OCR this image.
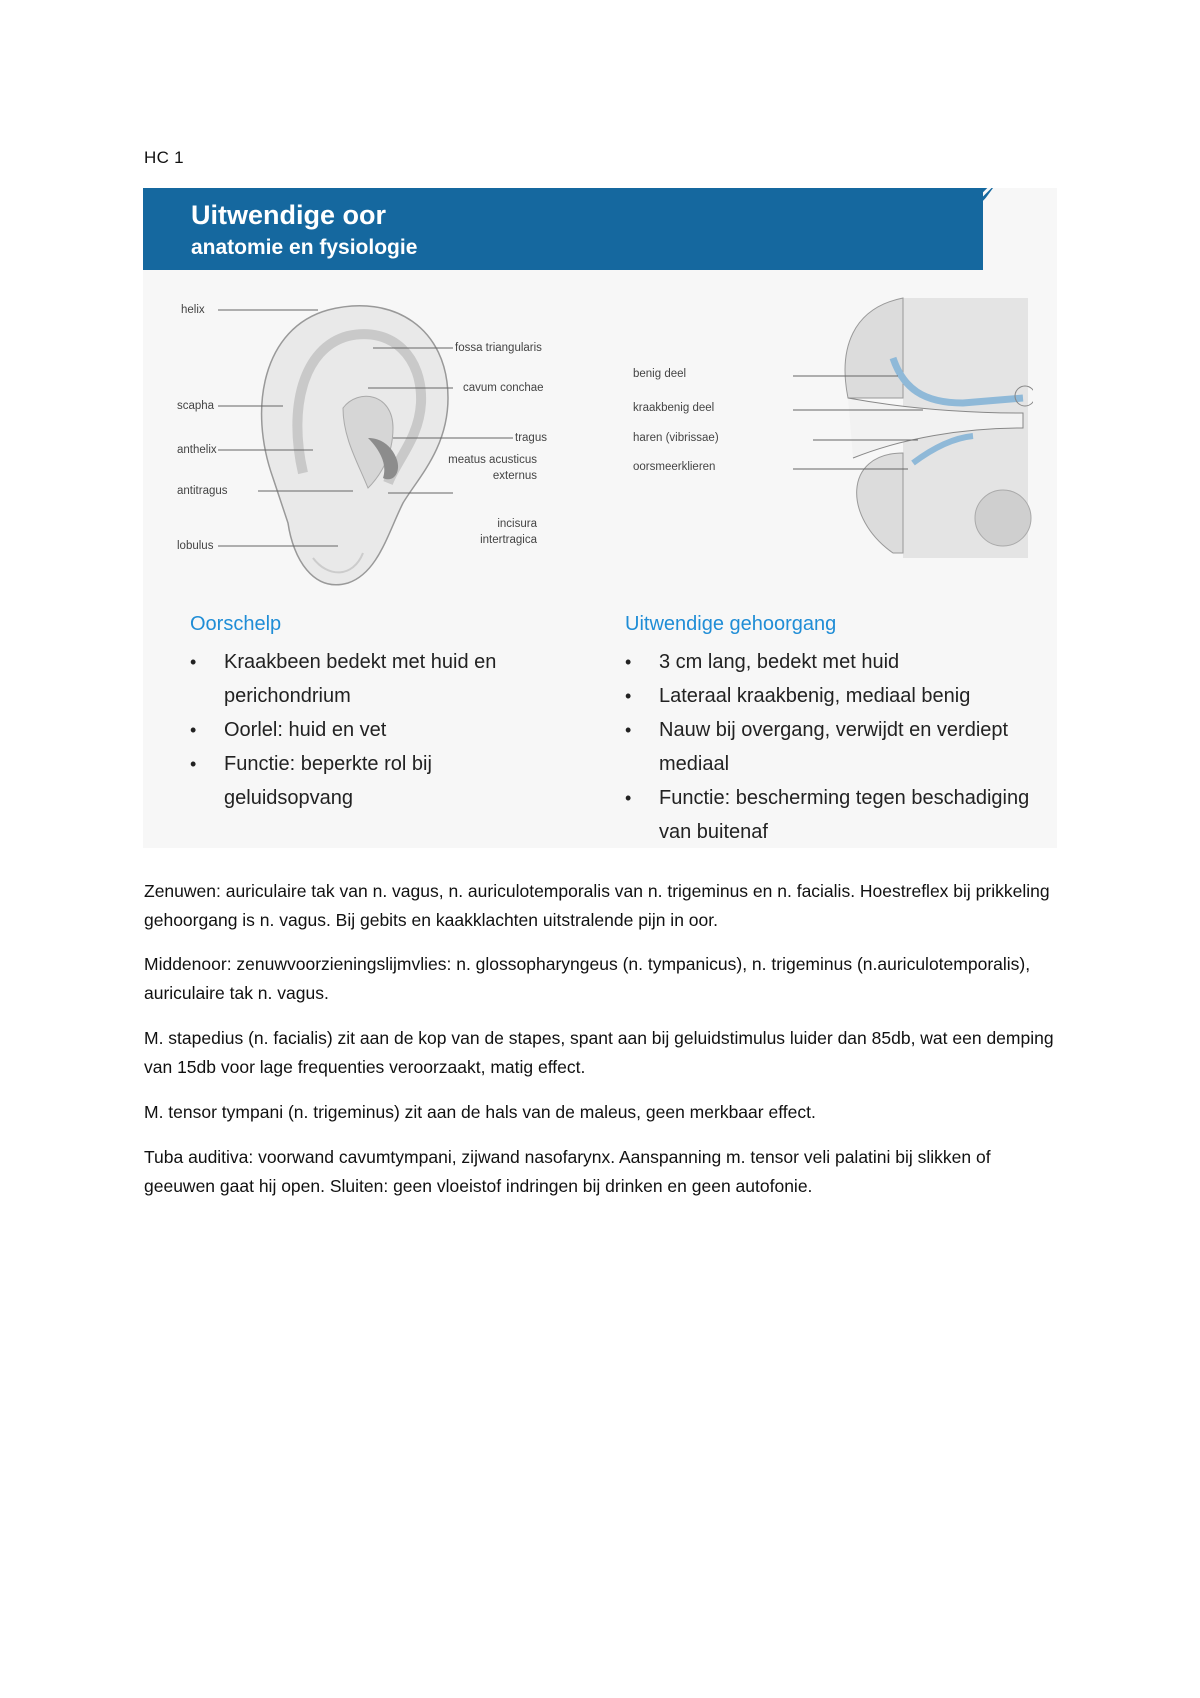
HC 1
Uitwendige oor
anatomie en fysiologie
helix
scapha
anthelix
antitragus
lobulus
fossa triangularis
cavum conchae
tragus
meatus acusticus
externus
incisura
intertragica
benig deel
kraakbenig deel
haren (vibrissae)
oorsmeerklieren
Oorschelp
• Kraakbeen bedekt met huid en perichondrium
• Oorlel: huid en vet
• Functie: beperkte rol bij geluidsopvang
Uitwendige gehoorgang
• 3 cm lang, bedekt met huid
• Lateraal kraakbenig, mediaal benig
• Nauw bij overgang, verwijdt en verdiept mediaal
• Functie: bescherming tegen beschadiging van buitenaf

Zenuwen: auriculaire tak van n. vagus, n. auriculotemporalis van n. trigeminus en n. facialis. Hoestreflex bij prikkeling gehoorgang is n. vagus. Bij gebits en kaakklachten uitstralende pijn in oor.

Middenoor: zenuwvoorzieningslijmvlies: n. glossopharyngeus (n. tympanicus), n. trigeminus (n.auriculotemporalis), auriculaire tak n. vagus.

M. stapedius (n. facialis) zit aan de kop van de stapes, spant aan bij geluidstimulus luider dan 85db, wat een demping van 15db voor lage frequenties veroorzaakt, matig effect.

M. tensor tympani (n. trigeminus) zit aan de hals van de maleus, geen merkbaar effect.

Tuba auditiva: voorwand cavumtympani, zijwand nasofarynx. Aanspanning m. tensor veli palatini bij slikken of geeuwen gaat hij open. Sluiten: geen vloeistof indringen bij drinken en geen autofonie.
